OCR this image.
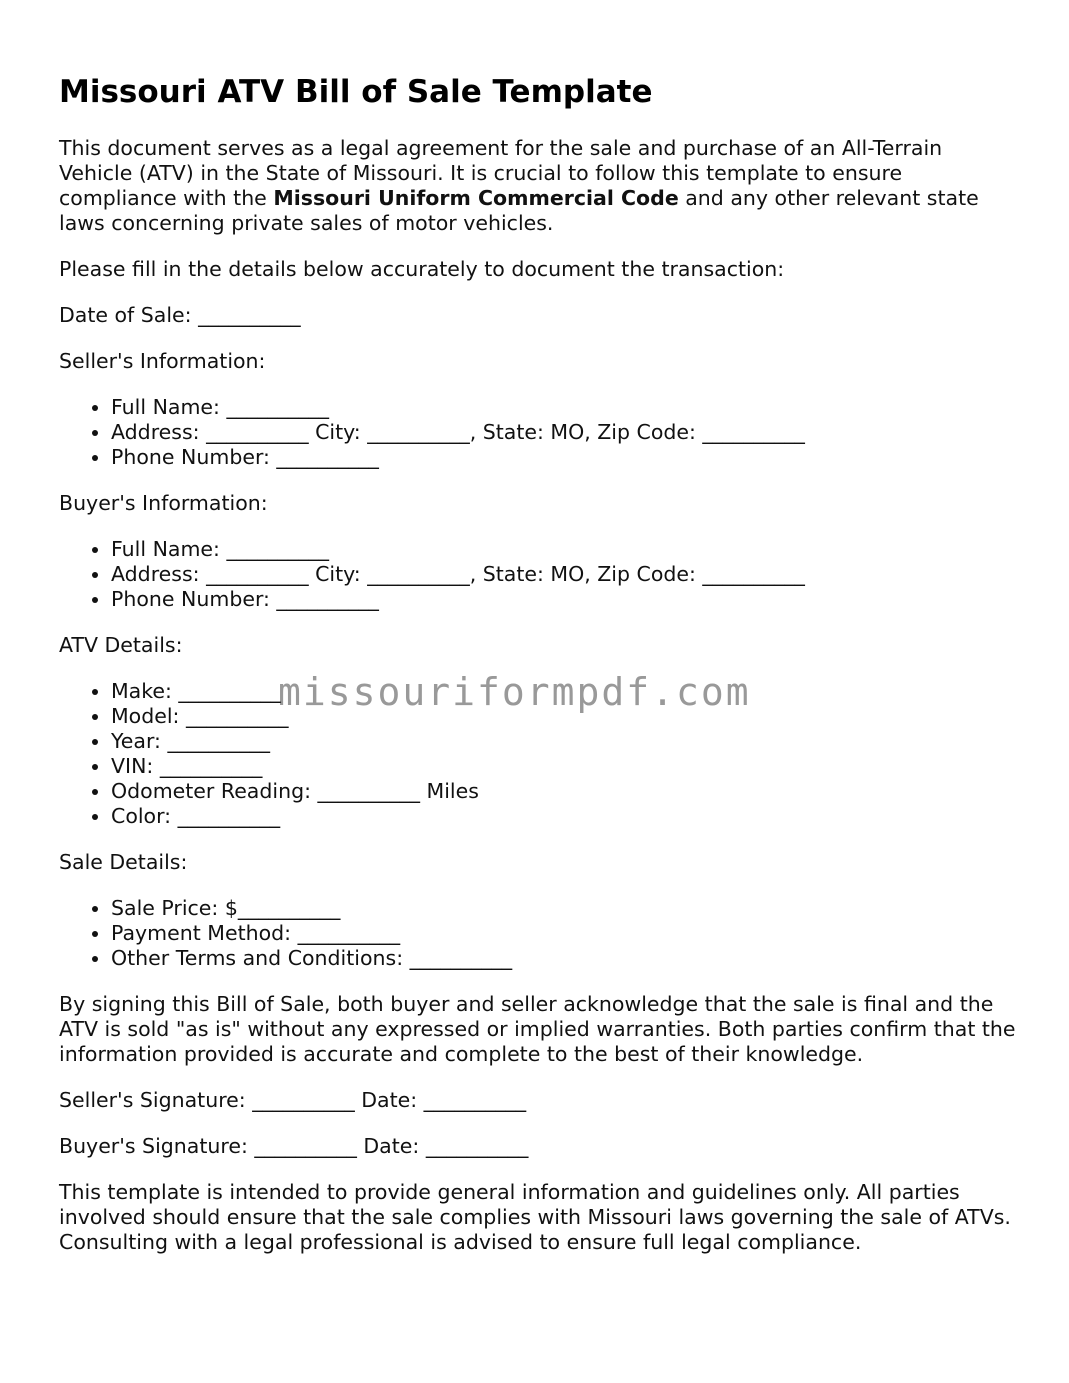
Missouri ATV Bill of Sale Template

This document serves as a legal agreement for the sale and purchase of an All-Terrain Vehicle (ATV) in the State of Missouri. It is crucial to follow this template to ensure compliance with the Missouri Uniform Commercial Code and any other relevant state laws concerning private sales of motor vehicles.

Please fill in the details below accurately to document the transaction:

Date of Sale: __________

Seller's Information:

• Full Name: __________
• Address: __________ City: __________, State: MO, Zip Code: __________
• Phone Number: __________

Buyer's Information:

• Full Name: __________
• Address: __________ City: __________, State: MO, Zip Code: __________
• Phone Number: __________

ATV Details:

• Make: __________
• Model: __________
• Year: __________
• VIN: __________
• Odometer Reading: __________ Miles
• Color: __________

Sale Details:

• Sale Price: $__________
• Payment Method: __________
• Other Terms and Conditions: __________

By signing this Bill of Sale, both buyer and seller acknowledge that the sale is final and the ATV is sold "as is" without any expressed or implied warranties. Both parties confirm that the information provided is accurate and complete to the best of their knowledge.

Seller's Signature: __________ Date: __________

Buyer's Signature: __________ Date: __________

This template is intended to provide general information and guidelines only. All parties involved should ensure that the sale complies with Missouri laws governing the sale of ATVs. Consulting with a legal professional is advised to ensure full legal compliance.

missouriformpdf.com
